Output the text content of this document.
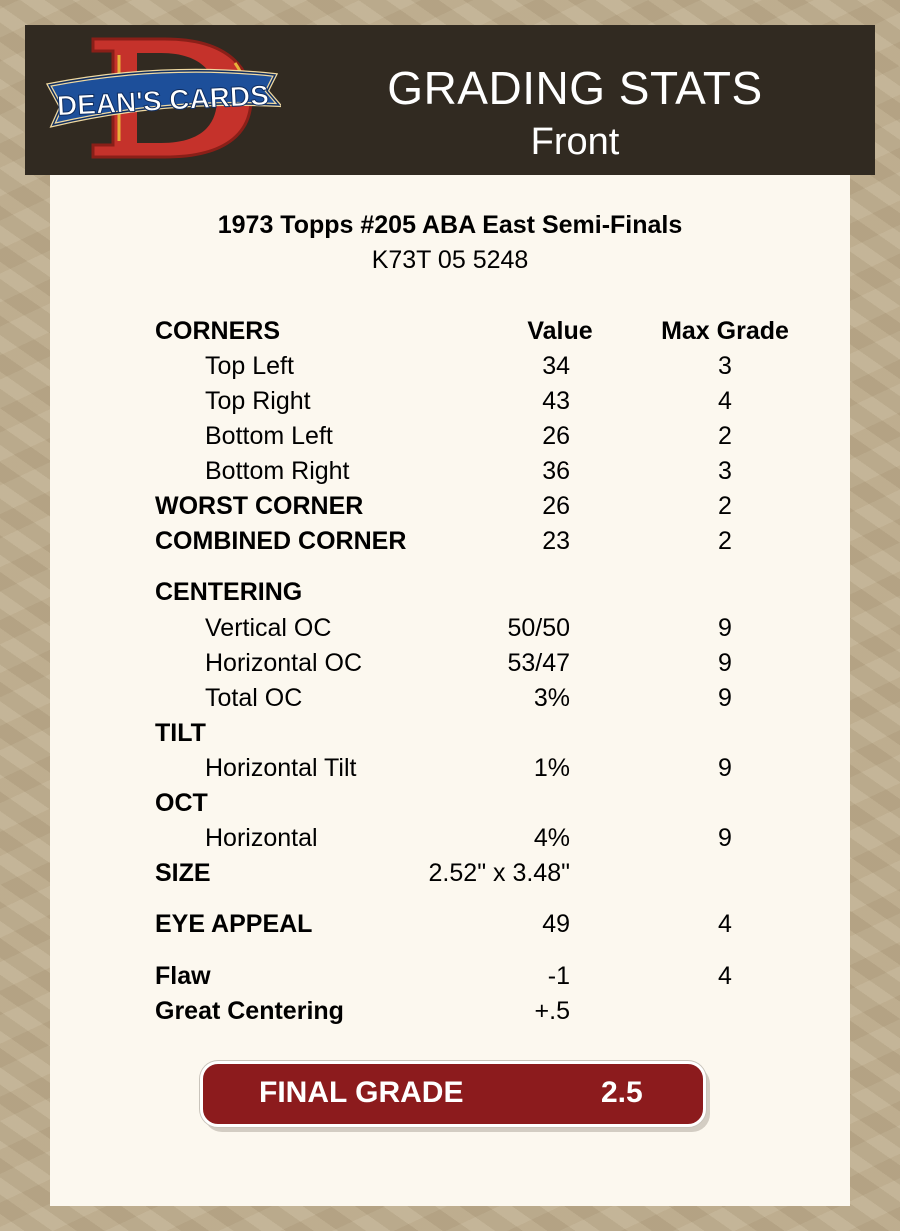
DEAN'S CARDS	GRADING STATS
Front
1973 Topps #205 ABA East Semi-Finals
K73T 05 5248
CORNERS	Value	Max Grade
Top Left	34	3
Top Right	43	4
Bottom Left	26	2
Bottom Right	36	3
WORST CORNER	26	2
COMBINED CORNER	23	2
CENTERING
Vertical OC	50/50	9
Horizontal OC	53/47	9
Total OC	3%	9
TILT
Horizontal Tilt	1%	9
OCT
Horizontal	4%	9
SIZE	2.52" x 3.48"
EYE APPEAL	49	4
Flaw	-1	4
Great Centering	+.5
FINAL GRADE	2.5
